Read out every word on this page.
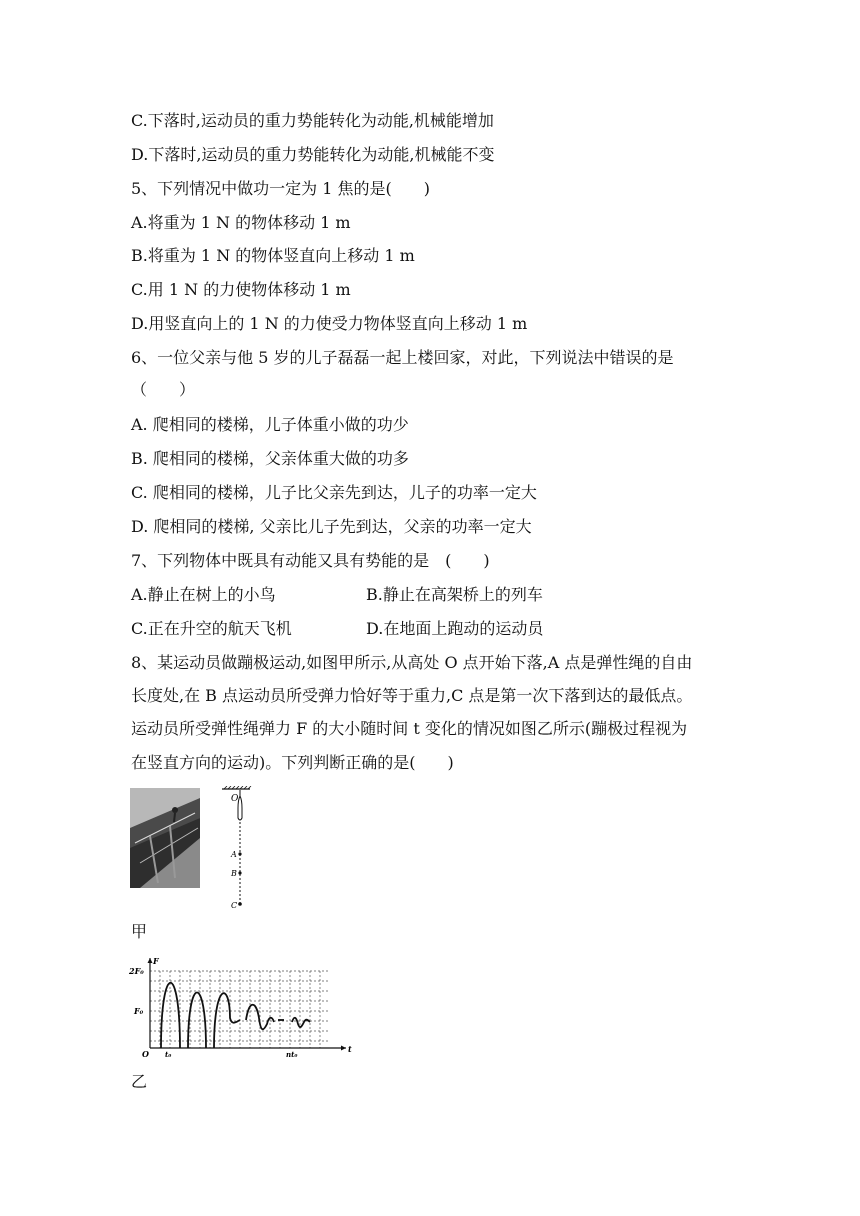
C.下落时,运动员的重力势能转化为动能,机械能增加
D.下落时,运动员的重力势能转化为动能,机械能不变
5、下列情况中做功一定为 1 焦的是(　　)
A.将重为 1 N 的物体移动 1 m
B.将重为 1 N 的物体竖直向上移动 1 m
C.用 1 N 的力使物体移动 1 m
D.用竖直向上的 1 N 的力使受力物体竖直向上移动 1 m
6、一位父亲与他 5 岁的儿子磊磊一起上楼回家，对此，下列说法中错误的是
（　　）
A. 爬相同的楼梯，儿子体重小做的功少
B. 爬相同的楼梯，父亲体重大做的功多
C. 爬相同的楼梯，儿子比父亲先到达，儿子的功率一定大
D. 爬相同的楼梯, 父亲比儿子先到达，父亲的功率一定大
7、下列物体中既具有动能又具有势能的是　(　　)
A.静止在树上的小鸟	B.静止在高架桥上的列车
C.正在升空的航天飞机	D.在地面上跑动的运动员
8、某运动员做蹦极运动,如图甲所示,从高处 O 点开始下落,A 点是弹性绳的自由
长度处,在 B 点运动员所受弹力恰好等于重力,C 点是第一次下落到达的最低点。
运动员所受弹性绳弹力 F 的大小随时间 t 变化的情况如图乙所示(蹦极过程视为
在竖直方向的运动)。下列判断正确的是(　　)
O
A
B
C
甲
2F₀
F₀
F
t
O t₀	nt₀
乙
